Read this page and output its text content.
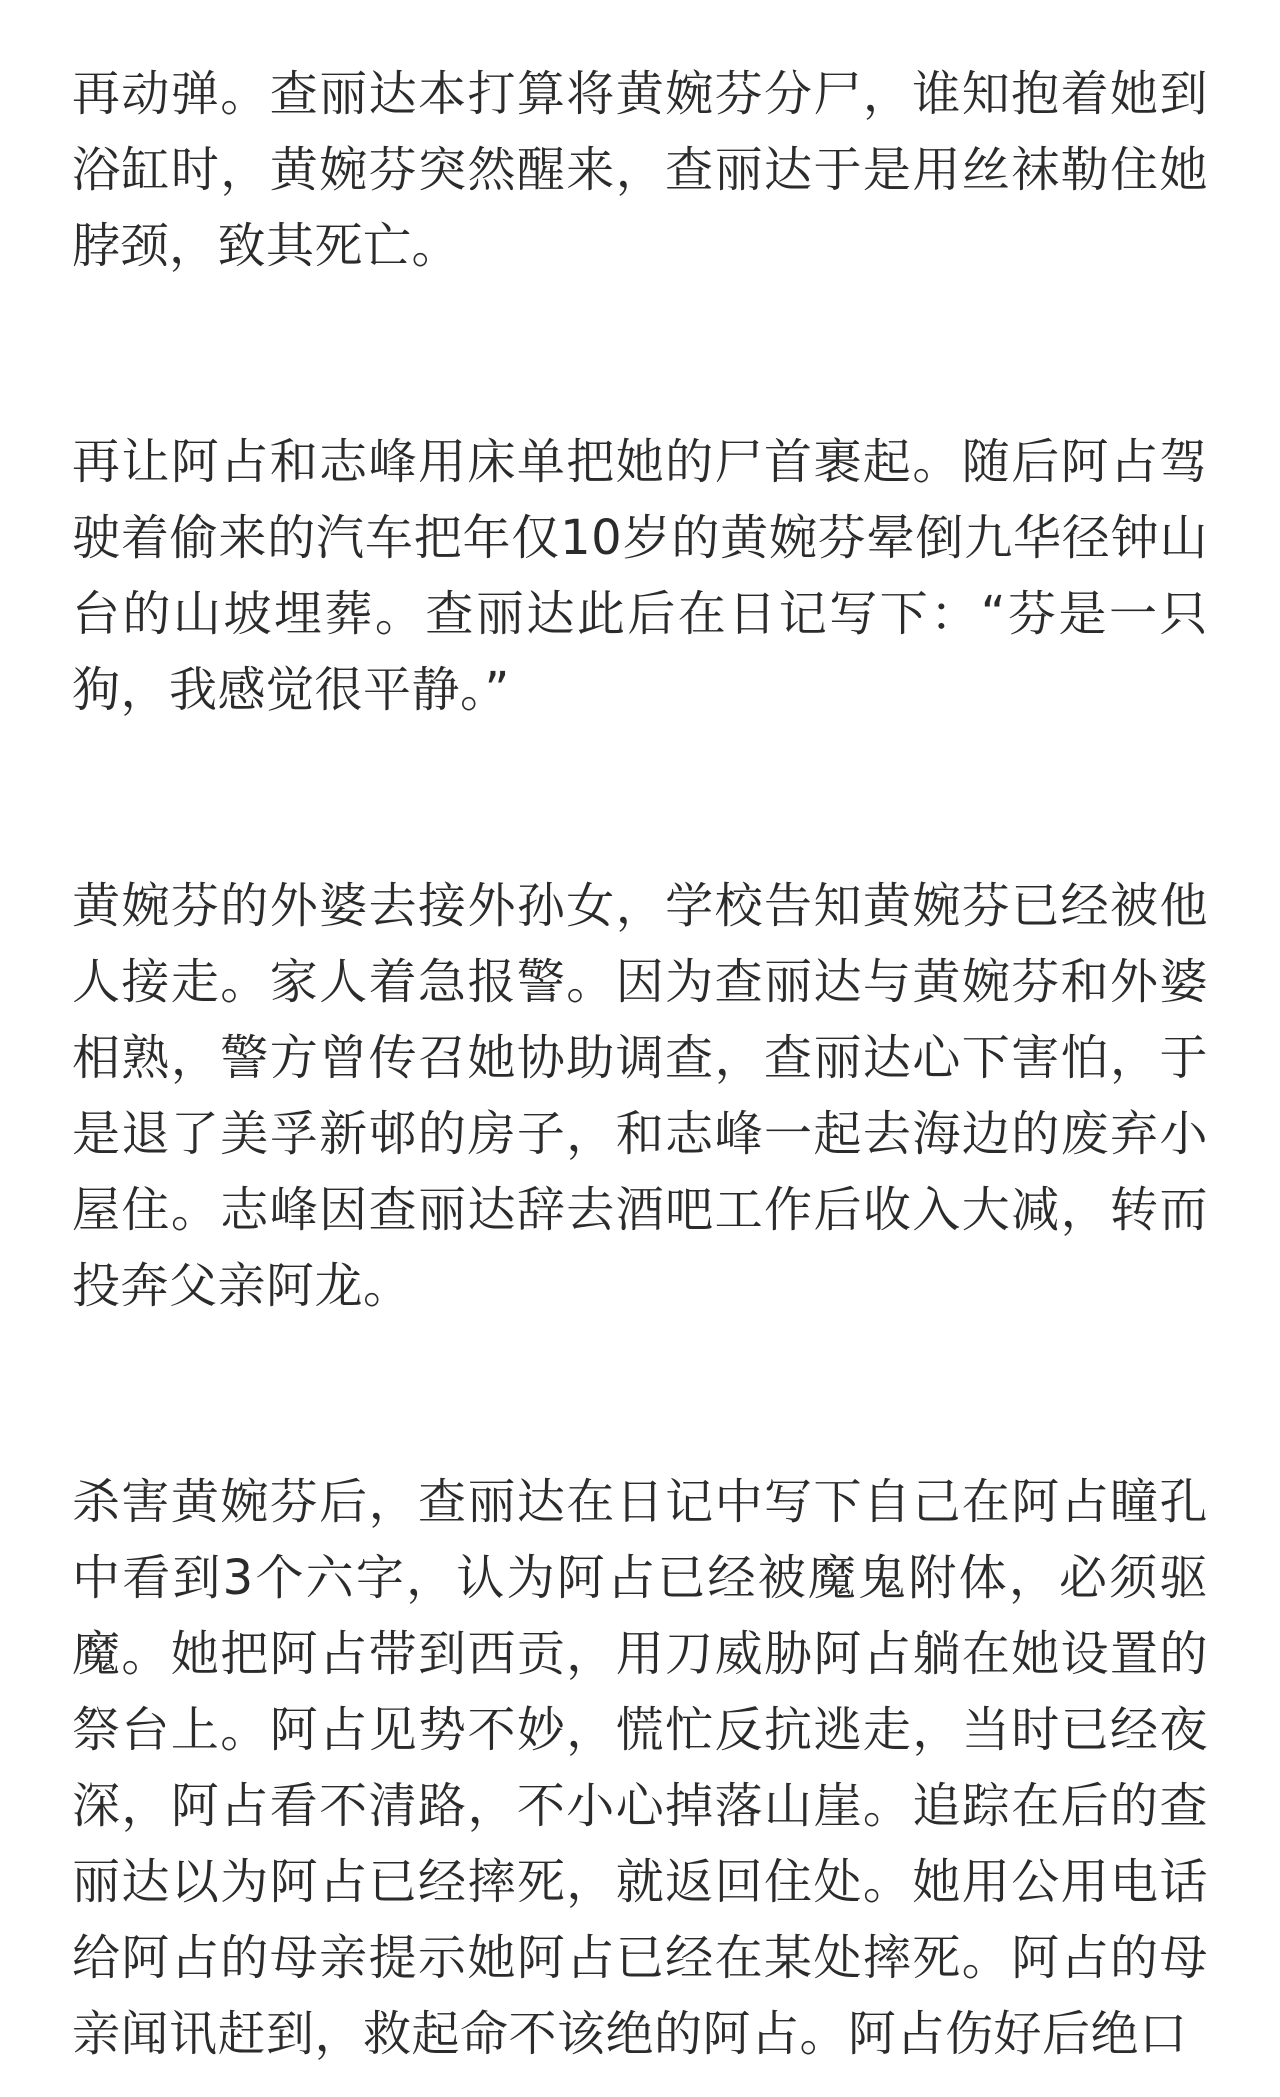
再动弹。查丽达本打算将黄婉芬分尸，谁知抱着她到浴缸时，黄婉芬突然醒来，查丽达于是用丝袜勒住她脖颈，致其死亡。

再让阿占和志峰用床单把她的尸首裹起。随后阿占驾驶着偷来的汽车把年仅10岁的黄婉芬晕倒九华径钟山台的山坡埋葬。查丽达此后在日记写下：“芬是一只狗，我感觉很平静。”

黄婉芬的外婆去接外孙女，学校告知黄婉芬已经被他人接走。家人着急报警。因为查丽达与黄婉芬和外婆相熟，警方曾传召她协助调查，查丽达心下害怕，于是退了美孚新邨的房子，和志峰一起去海边的废弃小屋住。志峰因查丽达辞去酒吧工作后收入大减，转而投奔父亲阿龙。

杀害黄婉芬后，查丽达在日记中写下自己在阿占瞳孔中看到3个六字，认为阿占已经被魔鬼附体，必须驱魔。她把阿占带到西贡，用刀威胁阿占躺在她设置的祭台上。阿占见势不妙，慌忙反抗逃走，当时已经夜深，阿占看不清路，不小心掉落山崖。追踪在后的查丽达以为阿占已经摔死，就返回住处。她用公用电话给阿占的母亲提示她阿占已经在某处摔死。阿占的母亲闻讯赶到，救起命不该绝的阿占。阿占伤好后绝口
